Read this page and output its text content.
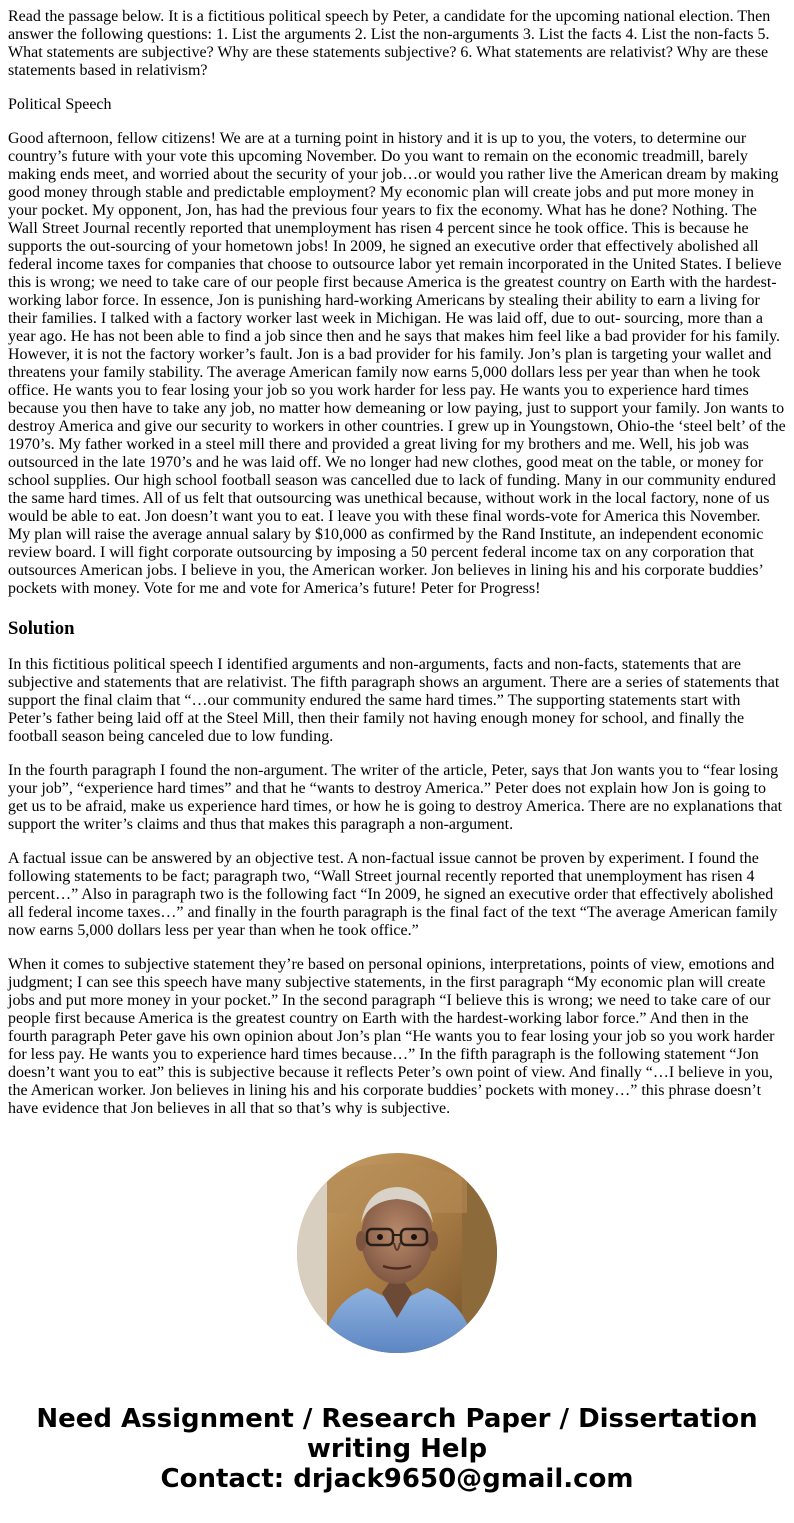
Read the passage below. It is a fictitious political speech by Peter, a candidate for the upcoming national election. Then answer the following questions: 1. List the arguments 2. List the non-arguments 3. List the facts 4. List the non-facts 5. What statements are subjective? Why are these statements subjective? 6. What statements are relativist? Why are these statements based in relativism?

Political Speech

Good afternoon, fellow citizens! We are at a turning point in history and it is up to you, the voters, to determine our country’s future with your vote this upcoming November. Do you want to remain on the economic treadmill, barely making ends meet, and worried about the security of your job…or would you rather live the American dream by making good money through stable and predictable employment? My economic plan will create jobs and put more money in your pocket. My opponent, Jon, has had the previous four years to fix the economy. What has he done? Nothing. The Wall Street Journal recently reported that unemployment has risen 4 percent since he took office. This is because he supports the out-sourcing of your hometown jobs! In 2009, he signed an executive order that effectively abolished all federal income taxes for companies that choose to outsource labor yet remain incorporated in the United States. I believe this is wrong; we need to take care of our people first because America is the greatest country on Earth with the hardest-working labor force. In essence, Jon is punishing hard-working Americans by stealing their ability to earn a living for their families. I talked with a factory worker last week in Michigan. He was laid off, due to out- sourcing, more than a year ago. He has not been able to find a job since then and he says that makes him feel like a bad provider for his family. However, it is not the factory worker’s fault. Jon is a bad provider for his family. Jon’s plan is targeting your wallet and threatens your family stability. The average American family now earns 5,000 dollars less per year than when he took office. He wants you to fear losing your job so you work harder for less pay. He wants you to experience hard times because you then have to take any job, no matter how demeaning or low paying, just to support your family. Jon wants to destroy America and give our security to workers in other countries. I grew up in Youngstown, Ohio-the ‘steel belt’ of the 1970’s. My father worked in a steel mill there and provided a great living for my brothers and me. Well, his job was outsourced in the late 1970’s and he was laid off. We no longer had new clothes, good meat on the table, or money for school supplies. Our high school football season was cancelled due to lack of funding. Many in our community endured the same hard times. All of us felt that outsourcing was unethical because, without work in the local factory, none of us would be able to eat. Jon doesn’t want you to eat. I leave you with these final words-vote for America this November. My plan will raise the average annual salary by $10,000 as confirmed by the Rand Institute, an independent economic review board. I will fight corporate outsourcing by imposing a 50 percent federal income tax on any corporation that outsources American jobs. I believe in you, the American worker. Jon believes in lining his and his corporate buddies’ pockets with money. Vote for me and vote for America’s future! Peter for Progress!

Solution

In this fictitious political speech I identified arguments and non-arguments, facts and non-facts, statements that are subjective and statements that are relativist. The fifth paragraph shows an argument. There are a series of statements that support the final claim that “…our community endured the same hard times.” The supporting statements start with Peter’s father being laid off at the Steel Mill, then their family not having enough money for school, and finally the football season being canceled due to low funding.

In the fourth paragraph I found the non-argument. The writer of the article, Peter, says that Jon wants you to “fear losing your job”, “experience hard times” and that he “wants to destroy America.” Peter does not explain how Jon is going to get us to be afraid, make us experience hard times, or how he is going to destroy America. There are no explanations that support the writer’s claims and thus that makes this paragraph a non-argument.

A factual issue can be answered by an objective test. A non-factual issue cannot be proven by experiment. I found the following statements to be fact; paragraph two, “Wall Street journal recently reported that unemployment has risen 4 percent…” Also in paragraph two is the following fact “In 2009, he signed an executive order that effectively abolished all federal income taxes…” and finally in the fourth paragraph is the final fact of the text “The average American family now earns 5,000 dollars less per year than when he took office.”

When it comes to subjective statement they’re based on personal opinions, interpretations, points of view, emotions and judgment; I can see this speech have many subjective statements, in the first paragraph “My economic plan will create jobs and put more money in your pocket.” In the second paragraph “I believe this is wrong; we need to take care of our people first because America is the greatest country on Earth with the hardest-working labor force.” And then in the fourth paragraph Peter gave his own opinion about Jon’s plan “He wants you to fear losing your job so you work harder for less pay. He wants you to experience hard times because…” In the fifth paragraph is the following statement “Jon doesn’t want you to eat” this is subjective because it reflects Peter’s own point of view. And finally “…I believe in you, the American worker. Jon believes in lining his and his corporate buddies’ pockets with money…” this phrase doesn’t have evidence that Jon believes in all that so that’s why is subjective.

Need Assignment / Research Paper / Dissertation
writing Help
Contact: drjack9650@gmail.com
